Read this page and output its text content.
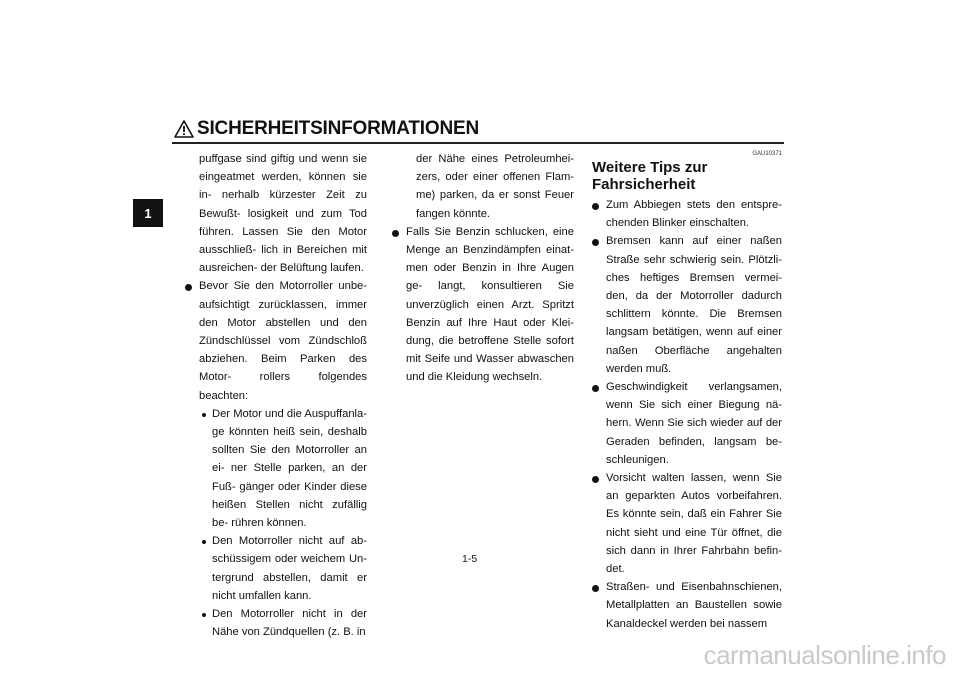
SICHERHEITSINFORMATIONEN
1

puffgase sind giftig und wenn sie eingeatmet werden, können sie in- nerhalb kürzester Zeit zu Bewußt- losigkeit und zum Tod führen. Lassen Sie den Motor ausschließ- lich in Bereichen mit ausreichen- der Belüftung laufen.

Bevor Sie den Motorroller unbe- aufsichtigt zurücklassen, immer den Motor abstellen und den Zündschlüssel vom Zündschloß abziehen. Beim Parken des Motor- rollers folgendes beachten:

Der Motor und die Auspuffanla- ge könnten heiß sein, deshalb sollten Sie den Motorroller an ei- ner Stelle parken, an der Fuß- gänger oder Kinder diese heißen Stellen nicht zufällig be- rühren können.

Den Motorroller nicht auf ab- schüssigem oder weichem Un- tergrund abstellen, damit er nicht umfallen kann.

Den Motorroller nicht in der Nähe von Zündquellen (z. B. in

der Nähe eines Petroleumhei- zers, oder einer offenen Flam- me) parken, da er sonst Feuer fangen könnte.

Falls Sie Benzin schlucken, eine Menge an Benzindämpfen einat- men oder Benzin in Ihre Augen ge- langt, konsultieren Sie unverzüglich einen Arzt. Spritzt Benzin auf Ihre Haut oder Klei- dung, die betroffene Stelle sofort mit Seife und Wasser abwaschen und die Kleidung wechseln.

GAU10371
Weitere Tips zur Fahrsicherheit

Zum Abbiegen stets den entspre- chenden Blinker einschalten.

Bremsen kann auf einer naßen Straße sehr schwierig sein. Plötzli- ches heftiges Bremsen vermei- den, da der Motorroller dadurch schlittern könnte. Die Bremsen langsam betätigen, wenn auf einer naßen Oberfläche angehalten werden muß.

Geschwindigkeit verlangsamen, wenn Sie sich einer Biegung nä- hern. Wenn Sie sich wieder auf der Geraden befinden, langsam be- schleunigen.

Vorsicht walten lassen, wenn Sie an geparkten Autos vorbeifahren. Es könnte sein, daß ein Fahrer Sie nicht sieht und eine Tür öffnet, die sich dann in Ihrer Fahrbahn befin- det.

Straßen- und Eisenbahnschienen, Metallplatten an Baustellen sowie Kanaldeckel werden bei nassem

1-5
carmanualsonline.info
